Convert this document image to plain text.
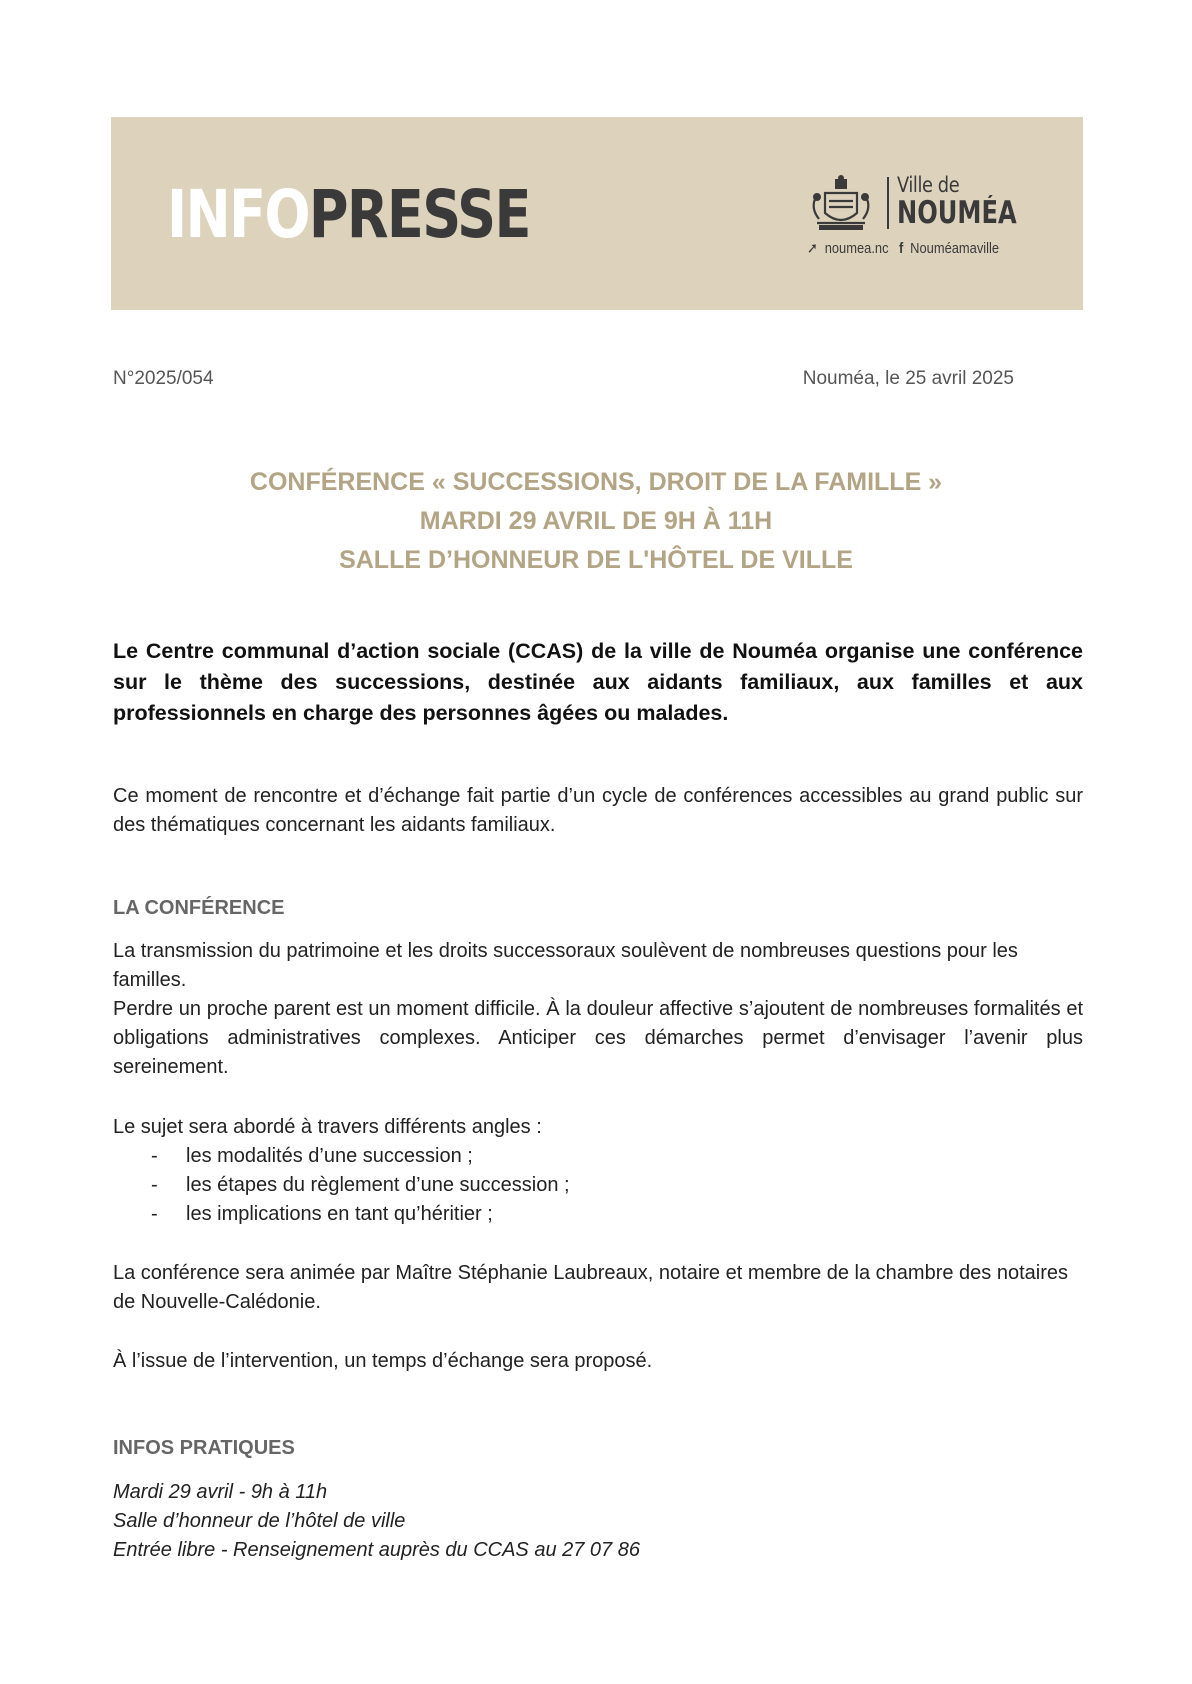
INFOPRESSE	Ville de
NOUMÉA
➚ noumea.nc f Nouméamaville
N°2025/054	Nouméa, le 25 avril 2025
CONFÉRENCE « SUCCESSIONS, DROIT DE LA FAMILLE »
MARDI 29 AVRIL DE 9H À 11H
SALLE D’HONNEUR DE L'HÔTEL DE VILLE

Le Centre communal d’action sociale (CCAS) de la ville de Nouméa organise une conférence sur le thème des successions, destinée aux aidants familiaux, aux familles et aux professionnels en charge des personnes âgées ou malades.

Ce moment de rencontre et d’échange fait partie d’un cycle de conférences accessibles au grand public sur des thématiques concernant les aidants familiaux.

LA CONFÉRENCE

La transmission du patrimoine et les droits successoraux soulèvent de nombreuses questions pour les familles.

Perdre un proche parent est un moment difficile. À la douleur affective s’ajoutent de nombreuses formalités et obligations administratives complexes. Anticiper ces démarches permet d’envisager l’avenir plus sereinement.

Le sujet sera abordé à travers différents angles :

- les modalités d’une succession ;
- les étapes du règlement d’une succession ;
- les implications en tant qu’héritier ;

La conférence sera animée par Maître Stéphanie Laubreaux, notaire et membre de la chambre des notaires de Nouvelle-Calédonie.

À l’issue de l’intervention, un temps d’échange sera proposé.

INFOS PRATIQUES

Mardi 29 avril - 9h à 11h

Salle d’honneur de l’hôtel de ville

Entrée libre - Renseignement auprès du CCAS au 27 07 86
